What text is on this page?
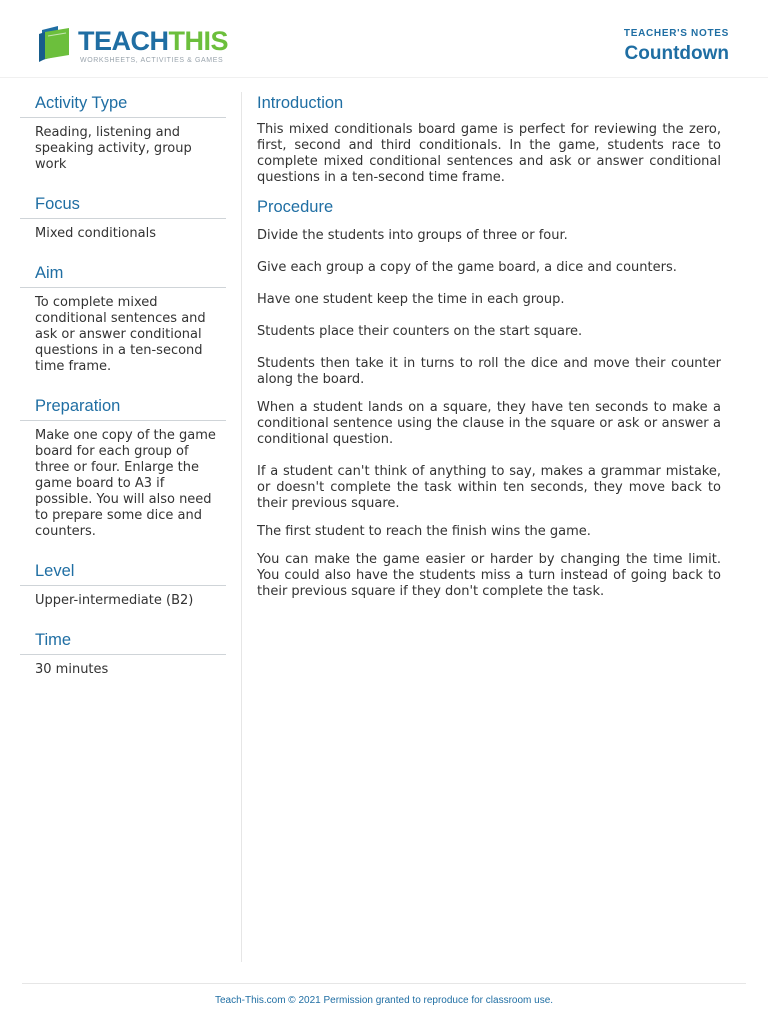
TEACHTHIS
WORKSHEETS, ACTIVITIES & GAMES
TEACHER'S NOTES
Countdown
Activity Type
Reading, listening and speaking activity, group work
Focus
Mixed conditionals
Aim
To complete mixed conditional sentences and ask or answer conditional questions in a ten-second time frame.
Preparation
Make one copy of the game board for each group of three or four. Enlarge the game board to A3 if possible. You will also need to prepare some dice and counters.
Level
Upper-intermediate (B2)
Time
30 minutes
Introduction
This mixed conditionals board game is perfect for reviewing the zero, first, second and third conditionals. In the game, students race to complete mixed conditional sentences and ask or answer conditional questions in a ten-second time frame.
Procedure
Divide the students into groups of three or four.
Give each group a copy of the game board, a dice and counters.
Have one student keep the time in each group.
Students place their counters on the start square.
Students then take it in turns to roll the dice and move their counter along the board.
When a student lands on a square, they have ten seconds to make a conditional sentence using the clause in the square or ask or answer a conditional question.
If a student can't think of anything to say, makes a grammar mistake, or doesn't complete the task within ten seconds, they move back to their previous square.
The first student to reach the finish wins the game.
You can make the game easier or harder by changing the time limit. You could also have the students miss a turn instead of going back to their previous square if they don't complete the task.
Teach-This.com © 2021 Permission granted to reproduce for classroom use.
